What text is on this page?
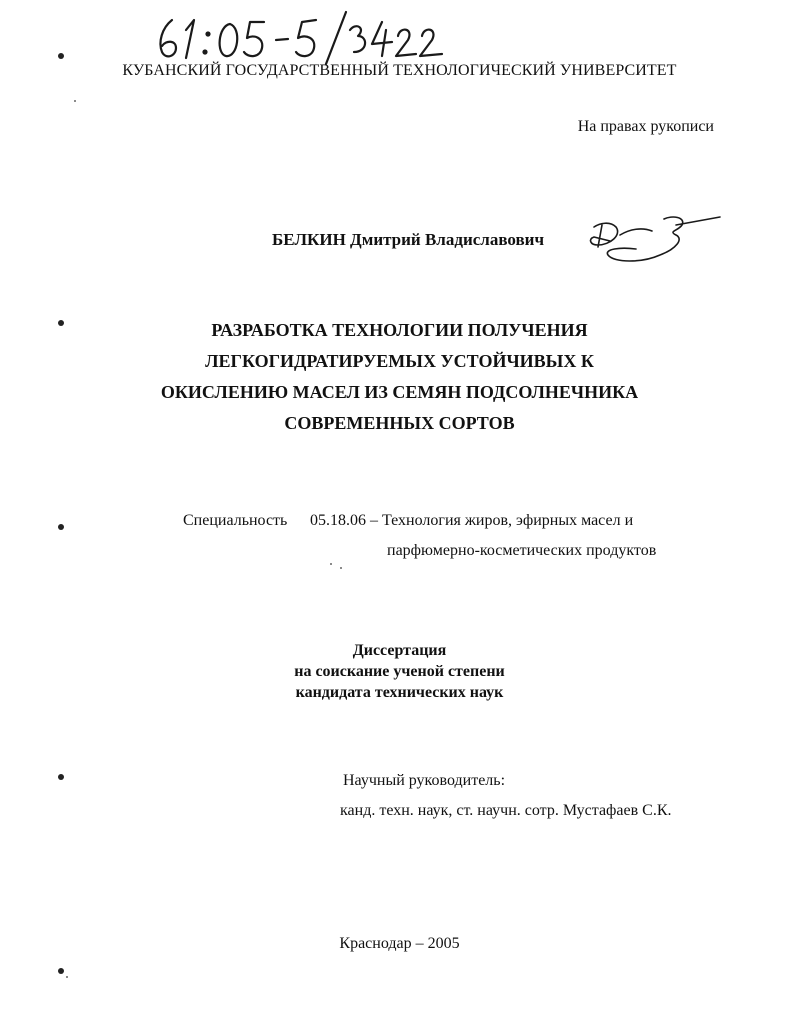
КУБАНСКИЙ ГОСУДАРСТВЕННЫЙ ТЕХНОЛОГИЧЕСКИЙ УНИВЕРСИТЕТ
На правах рукописи
БЕЛКИН Дмитрий Владиславович
РАЗРАБОТКА ТЕХНОЛОГИИ ПОЛУЧЕНИЯ
ЛЕГКОГИДРАТИРУЕМЫХ УСТОЙЧИВЫХ К
ОКИСЛЕНИЮ МАСЕЛ ИЗ СЕМЯН ПОДСОЛНЕЧНИКА
СОВРЕМЕННЫХ СОРТОВ
Специальность 05.18.06 – Технология жиров, эфирных масел и
парфюмерно-косметических продуктов
Диссертация
на соискание ученой степени
кандидата технических наук
Научный руководитель:
канд. техн. наук, ст. научн. сотр. Мустафаев С.К.
Краснодар – 2005
